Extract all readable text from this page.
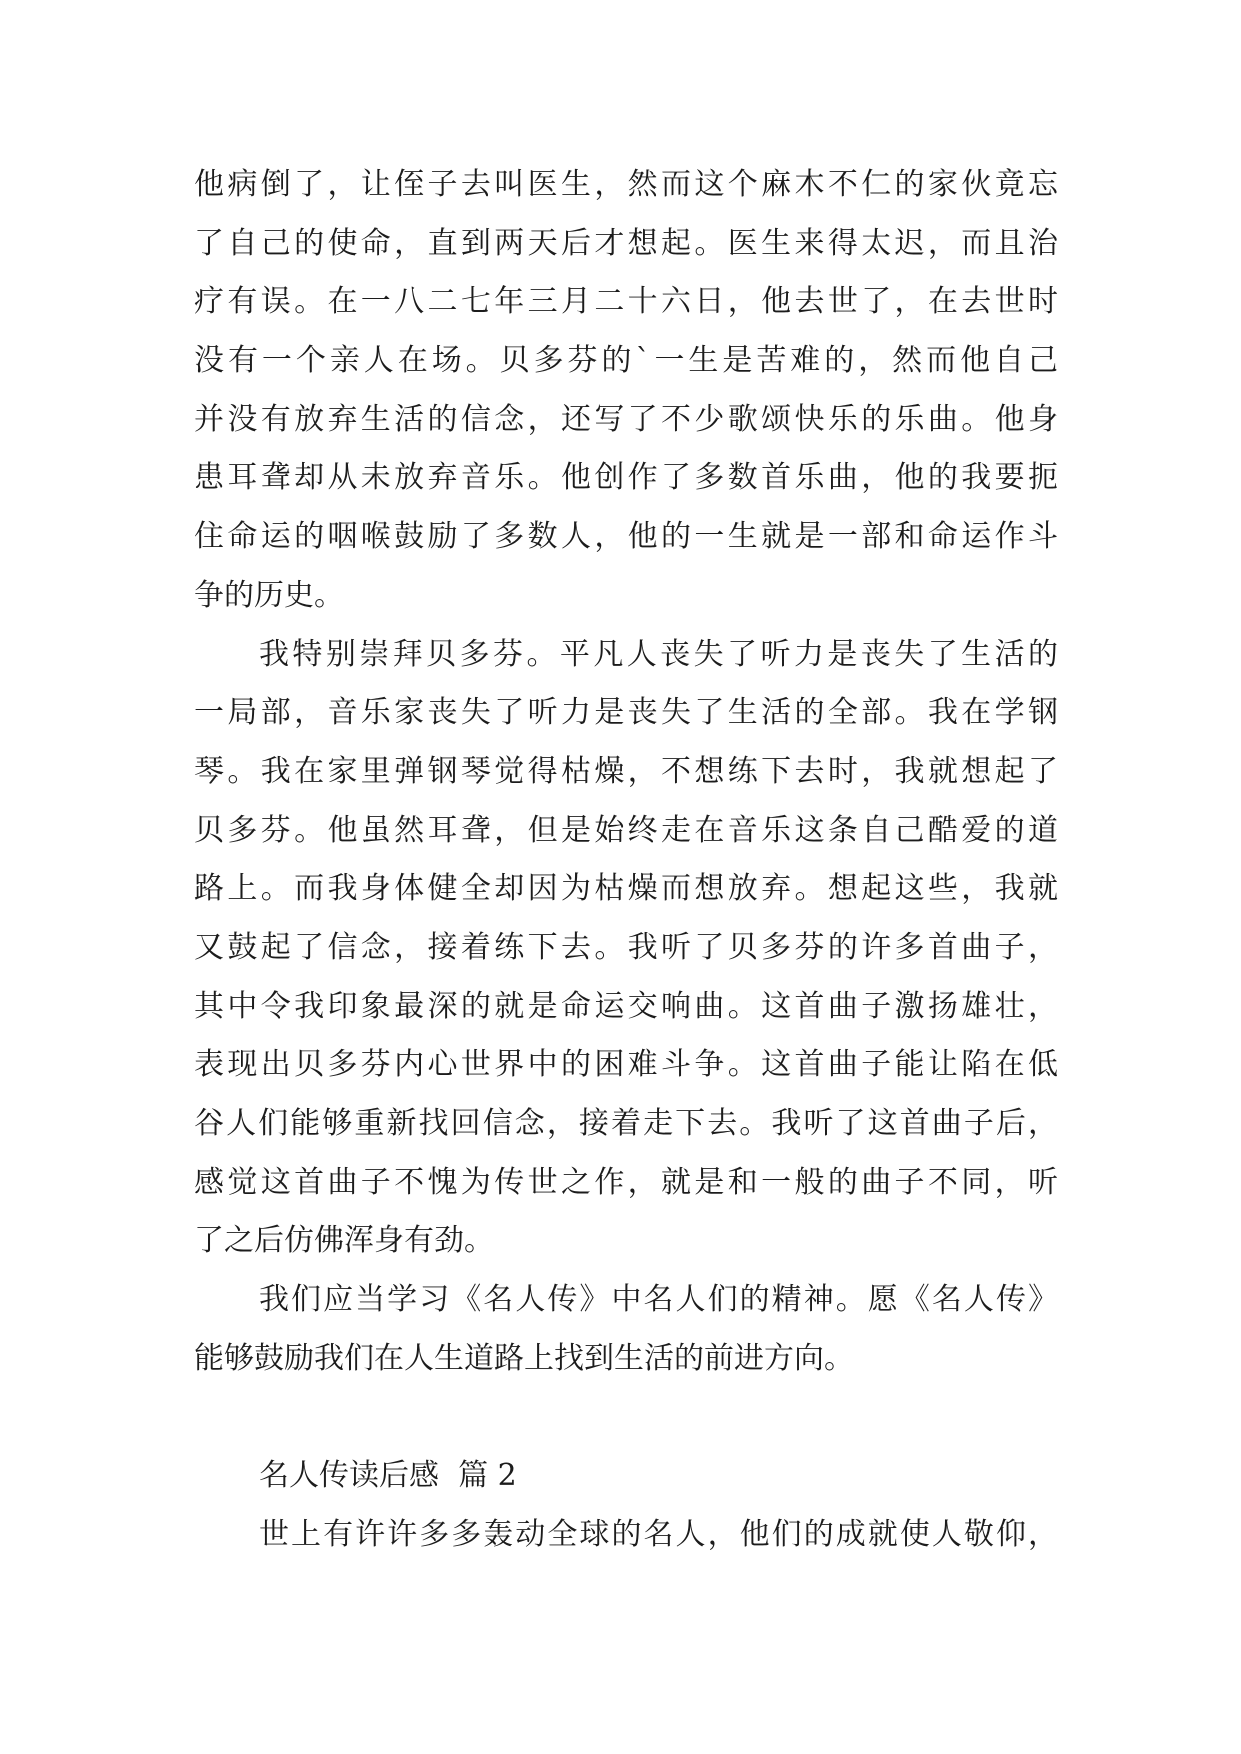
他病倒了，让侄子去叫医生，然而这个麻木不仁的家伙竟忘
了自己的使命，直到两天后才想起。医生来得太迟，而且治
疗有误。在一八二七年三月二十六日，他去世了，在去世时
没有一个亲人在场。贝多芬的`一生是苦难的，然而他自己
并没有放弃生活的信念，还写了不少歌颂快乐的乐曲。他身
患耳聋却从未放弃音乐。他创作了多数首乐曲，他的我要扼
住命运的咽喉鼓励了多数人，他的一生就是一部和命运作斗
争的历史。
我特别崇拜贝多芬。平凡人丧失了听力是丧失了生活的
一局部，音乐家丧失了听力是丧失了生活的全部。我在学钢
琴。我在家里弹钢琴觉得枯燥，不想练下去时，我就想起了
贝多芬。他虽然耳聋，但是始终走在音乐这条自己酷爱的道
路上。而我身体健全却因为枯燥而想放弃。想起这些，我就
又鼓起了信念，接着练下去。我听了贝多芬的许多首曲子，
其中令我印象最深的就是命运交响曲。这首曲子激扬雄壮，
表现出贝多芬内心世界中的困难斗争。这首曲子能让陷在低
谷人们能够重新找回信念，接着走下去。我听了这首曲子后，
感觉这首曲子不愧为传世之作，就是和一般的曲子不同，听
了之后仿佛浑身有劲。
我们应当学习《名人传》中名人们的精神。愿《名人传》
能够鼓励我们在人生道路上找到生活的前进方向。
名人传读后感  篇 2
世上有许许多多轰动全球的名人，他们的成就使人敬仰，
